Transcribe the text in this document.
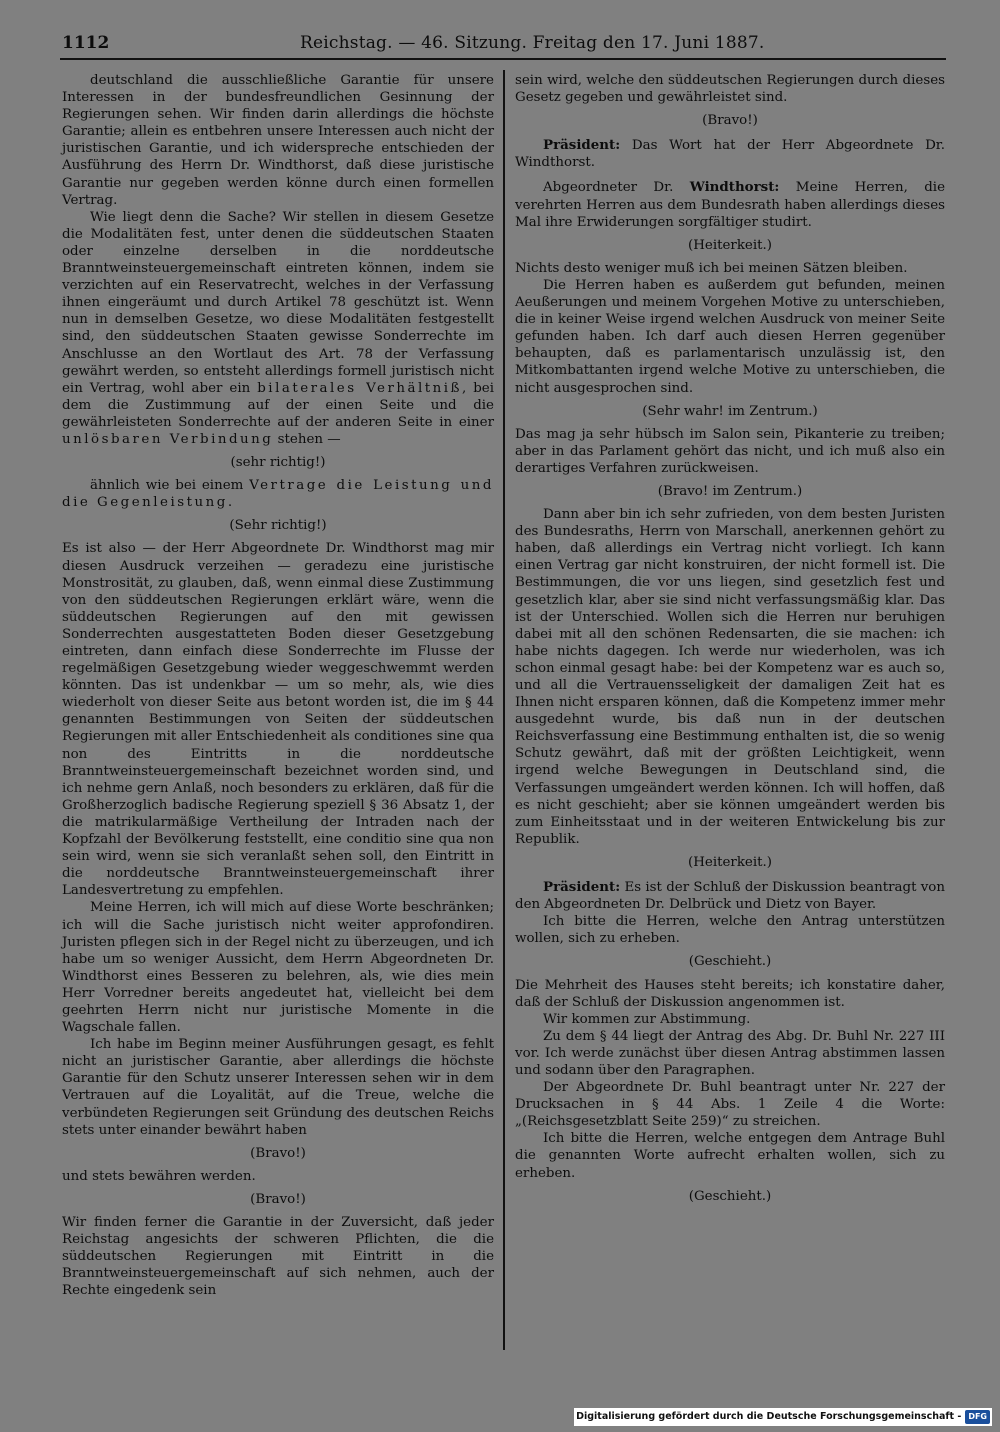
1112	Reichstag. — 46. Sitzung. Freitag den 17. Juni 1887.

deutschland die ausschließliche Garantie für unsere Interessen in der bundesfreundlichen Gesinnung der Regierungen sehen. Wir finden darin allerdings die höchste Garantie; allein es entbehren unsere Interessen auch nicht der juristischen Garantie, und ich widerspreche entschieden der Ausführung des Herrn Dr. Windthorst, daß diese juristische Garantie nur gegeben werden könne durch einen formellen Vertrag.

Wie liegt denn die Sache? Wir stellen in diesem Gesetze die Modalitäten fest, unter denen die süddeutschen Staaten oder einzelne derselben in die norddeutsche Branntweinsteuergemeinschaft eintreten können, indem sie verzichten auf ein Reservatrecht, welches in der Verfassung ihnen eingeräumt und durch Artikel 78 geschützt ist. Wenn nun in demselben Gesetze, wo diese Modalitäten festgestellt sind, den süddeutschen Staaten gewisse Sonderrechte im Anschlusse an den Wortlaut des Art. 78 der Verfassung gewährt werden, so entsteht allerdings formell juristisch nicht ein Vertrag, wohl aber ein bilaterales Verhältniß, bei dem die Zustimmung auf der einen Seite und die gewährleisteten Sonderrechte auf der anderen Seite in einer unlösbaren Verbindung stehen —

(sehr richtig!)

ähnlich wie bei einem Vertrage die Leistung und die Gegenleistung.

(Sehr richtig!)

Es ist also — der Herr Abgeordnete Dr. Windthorst mag mir diesen Ausdruck verzeihen — geradezu eine juristische Monstrosität, zu glauben, daß, wenn einmal diese Zustimmung von den süddeutschen Regierungen erklärt wäre, wenn die süddeutschen Regierungen auf den mit gewissen Sonderrechten ausgestatteten Boden dieser Gesetzgebung eintreten, dann einfach diese Sonderrechte im Flusse der regelmäßigen Gesetzgebung wieder weggeschwemmt werden könnten. Das ist undenkbar — um so mehr, als, wie dies wiederholt von dieser Seite aus betont worden ist, die im § 44 genannten Bestimmungen von Seiten der süddeutschen Regierungen mit aller Entschiedenheit als conditiones sine qua non des Eintritts in die norddeutsche Branntweinsteuergemeinschaft bezeichnet worden sind, und ich nehme gern Anlaß, noch besonders zu erklären, daß für die Großherzoglich badische Regierung speziell § 36 Absatz 1, der die matrikularmäßige Vertheilung der Intraden nach der Kopfzahl der Bevölkerung feststellt, eine conditio sine qua non sein wird, wenn sie sich veranlaßt sehen soll, den Eintritt in die norddeutsche Branntweinsteuergemeinschaft ihrer Landesvertretung zu empfehlen.

Meine Herren, ich will mich auf diese Worte beschränken; ich will die Sache juristisch nicht weiter approfondiren. Juristen pflegen sich in der Regel nicht zu überzeugen, und ich habe um so weniger Aussicht, dem Herrn Abgeordneten Dr. Windthorst eines Besseren zu belehren, als, wie dies mein Herr Vorredner bereits angedeutet hat, vielleicht bei dem geehrten Herrn nicht nur juristische Momente in die Wagschale fallen.

Ich habe im Beginn meiner Ausführungen gesagt, es fehlt nicht an juristischer Garantie, aber allerdings die höchste Garantie für den Schutz unserer Interessen sehen wir in dem Vertrauen auf die Loyalität, auf die Treue, welche die verbündeten Regierungen seit Gründung des deutschen Reichs stets unter einander bewährt haben

(Bravo!)

und stets bewähren werden.

(Bravo!)

Wir finden ferner die Garantie in der Zuversicht, daß jeder Reichstag angesichts der schweren Pflichten, die die süddeutschen Regierungen mit Eintritt in die Branntweinsteuergemeinschaft auf sich nehmen, auch der Rechte eingedenk sein

sein wird, welche den süddeutschen Regierungen durch dieses Gesetz gegeben und gewährleistet sind.

(Bravo!)

Präsident: Das Wort hat der Herr Abgeordnete Dr. Windthorst.

Abgeordneter Dr. Windthorst: Meine Herren, die verehrten Herren aus dem Bundesrath haben allerdings dieses Mal ihre Erwiderungen sorgfältiger studirt.

(Heiterkeit.)

Nichts desto weniger muß ich bei meinen Sätzen bleiben.

Die Herren haben es außerdem gut befunden, meinen Aeußerungen und meinem Vorgehen Motive zu unterschieben, die in keiner Weise irgend welchen Ausdruck von meiner Seite gefunden haben. Ich darf auch diesen Herren gegenüber behaupten, daß es parlamentarisch unzulässig ist, den Mitkombattanten irgend welche Motive zu unterschieben, die nicht ausgesprochen sind.

(Sehr wahr! im Zentrum.)

Das mag ja sehr hübsch im Salon sein, Pikanterie zu treiben; aber in das Parlament gehört das nicht, und ich muß also ein derartiges Verfahren zurückweisen.

(Bravo! im Zentrum.)

Dann aber bin ich sehr zufrieden, von dem besten Juristen des Bundesraths, Herrn von Marschall, anerkennen gehört zu haben, daß allerdings ein Vertrag nicht vorliegt. Ich kann einen Vertrag gar nicht konstruiren, der nicht formell ist. Die Bestimmungen, die vor uns liegen, sind gesetzlich fest und gesetzlich klar, aber sie sind nicht verfassungsmäßig klar. Das ist der Unterschied. Wollen sich die Herren nur beruhigen dabei mit all den schönen Redensarten, die sie machen: ich habe nichts dagegen. Ich werde nur wiederholen, was ich schon einmal gesagt habe: bei der Kompetenz war es auch so, und all die Vertrauensseligkeit der damaligen Zeit hat es Ihnen nicht ersparen können, daß die Kompetenz immer mehr ausgedehnt wurde, bis daß nun in der deutschen Reichsverfassung eine Bestimmung enthalten ist, die so wenig Schutz gewährt, daß mit der größten Leichtigkeit, wenn irgend welche Bewegungen in Deutschland sind, die Verfassungen umgeändert werden können. Ich will hoffen, daß es nicht geschieht; aber sie können umgeändert werden bis zum Einheitsstaat und in der weiteren Entwickelung bis zur Republik.

(Heiterkeit.)

Präsident: Es ist der Schluß der Diskussion beantragt von den Abgeordneten Dr. Delbrück und Dietz von Bayer.

Ich bitte die Herren, welche den Antrag unterstützen wollen, sich zu erheben.

(Geschieht.)

Die Mehrheit des Hauses steht bereits; ich konstatire daher, daß der Schluß der Diskussion angenommen ist.

Wir kommen zur Abstimmung.

Zu dem § 44 liegt der Antrag des Abg. Dr. Buhl Nr. 227 III vor. Ich werde zunächst über diesen Antrag abstimmen lassen und sodann über den Paragraphen.

Der Abgeordnete Dr. Buhl beantragt unter Nr. 227 der Drucksachen in § 44 Abs. 1 Zeile 4 die Worte: „(Reichsgesetzblatt Seite 259)“ zu streichen.

Ich bitte die Herren, welche entgegen dem Antrage Buhl die genannten Worte aufrecht erhalten wollen, sich zu erheben.

(Geschieht.)

Digitalisierung gefördert durch die Deutsche Forschungsgemeinschaft - DFG
